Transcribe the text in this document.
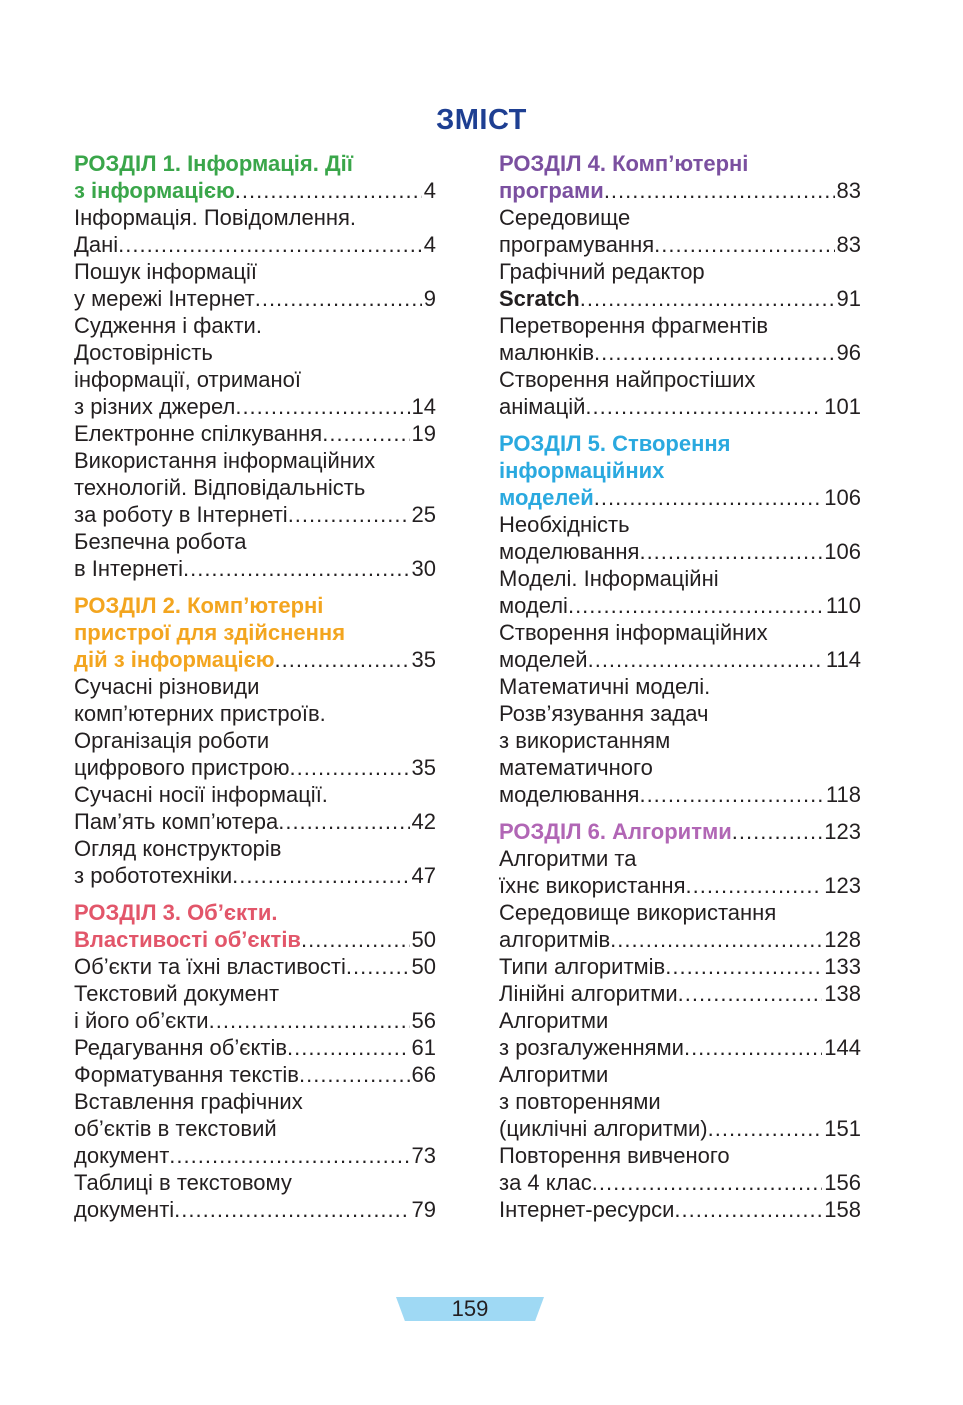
ЗМІСТ
РОЗДІЛ 1. Інформація. Дії
з інформацією .....	4
Інформація. Повідомлення.
Дані .....	4
Пошук інформації
у мережі Інтернет .....	9
Судження і факти.
Достовірність
інформації, отриманої
з різних джерел .....	14
Електронне спілкування .....	19
Використання інформаційних
технологій. Відповідальність
за роботу в Інтернеті .....	25
Безпечна робота
в Інтернеті .....	30
РОЗДІЛ 2. Комп’ютерні
пристрої для здійснення
дій з інформацією .....	35
Сучасні різновиди
комп’ютерних пристроїв.
Організація роботи
цифрового пристрою .....	35
Сучасні носії інформації.
Пам’ять комп’ютера .....	42
Огляд конструкторів
з робототехніки .....	47
РОЗДІЛ 3. Об’єкти.
Властивості об’єктів .....	50
Об’єкти та їхні властивості .....	50
Текстовий документ
і його об’єкти .....	56
Редагування об’єктів .....	61
Форматування текстів .....	66
Вставлення графічних
об’єктів в текстовий
документ .....	73
Таблиці в текстовому
документі .....	79
РОЗДІЛ 4. Комп’ютерні
програми .....	83
Середовище
програмування .....	83
Графічний редактор
Scratch .....	91
Перетворення фрагментів
малюнків .....	96
Створення найпростіших
анімацій .....	101
РОЗДІЛ 5. Створення
інформаційних
моделей .....	106
Необхідність
моделювання .....	106
Моделі. Інформаційні
моделі .....	110
Створення інформаційних
моделей .....	114
Математичні моделі.
Розв’язування задач
з використанням
математичного
моделювання .....	118
РОЗДІЛ 6. Алгоритми .....	123
Алгоритми та
їхнє використання .....	123
Середовище використання
алгоритмів .....	128
Типи алгоритмів .....	133
Лінійні алгоритми .....	138
Алгоритми
з розгалуженнями .....	144
Алгоритми
з повтореннями
(циклічні алгоритми) .....	151
Повторення вивченого
за 4 клас .....	156
Інтернет-ресурси .....	158
159
